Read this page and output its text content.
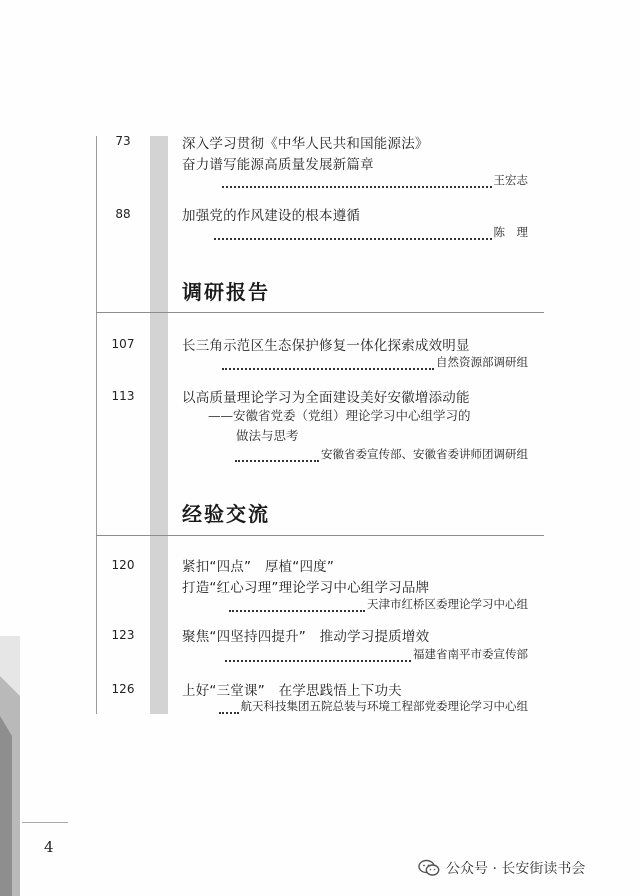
73	深入学习贯彻《中华人民共和国能源法》
奋力谱写能源高质量发展新篇章
王宏志
88	加强党的作风建设的根本遵循
陈　理
调研报告
107	长三角示范区生态保护修复一体化探索成效明显
自然资源部调研组
113	以高质量理论学习为全面建设美好安徽增添动能
——安徽省党委（党组）理论学习中心组学习的
做法与思考
安徽省委宣传部、安徽省委讲师团调研组
经验交流
120	紧扣“四点”　厚植“四度”
打造“红心习理”理论学习中心组学习品牌
天津市红桥区委理论学习中心组
123	聚焦“四坚持四提升”　推动学习提质增效
福建省南平市委宣传部
126	上好“三堂课”　在学思践悟上下功夫
航天科技集团五院总装与环境工程部党委理论学习中心组
4
公众号 · 长安街读书会
